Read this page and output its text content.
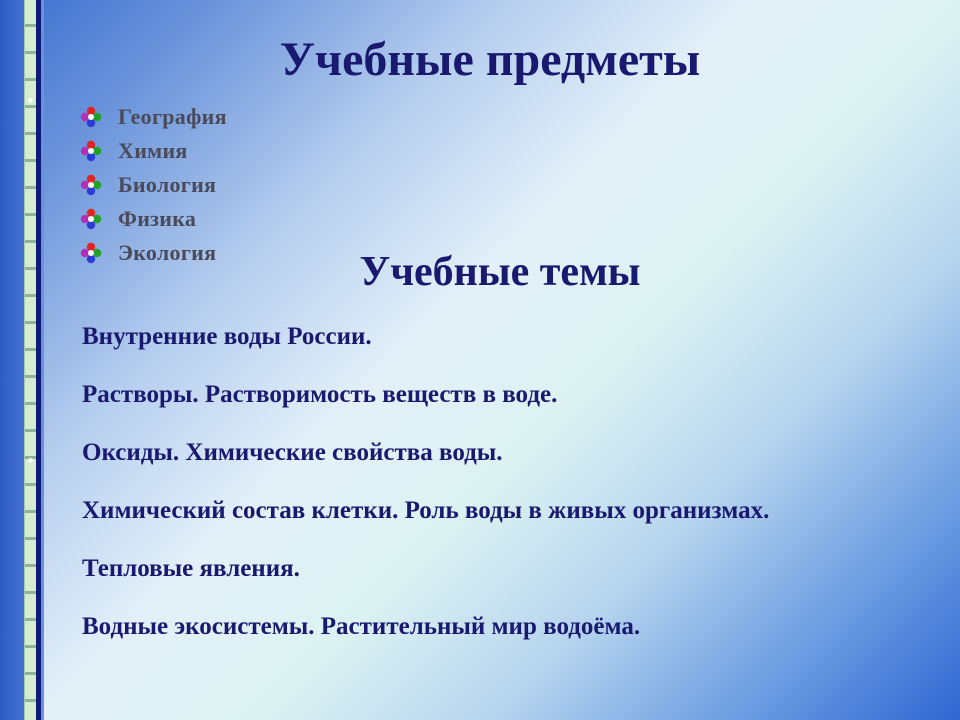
Учебные предметы
География
Химия
Биология
Физика
Экология	Учебные темы
Внутренние воды России.
Растворы. Растворимость веществ в воде.
Оксиды. Химические свойства воды.
Химический состав клетки. Роль воды в живых организмах.
Тепловые явления.
Водные экосистемы. Растительный мир водоёма.
